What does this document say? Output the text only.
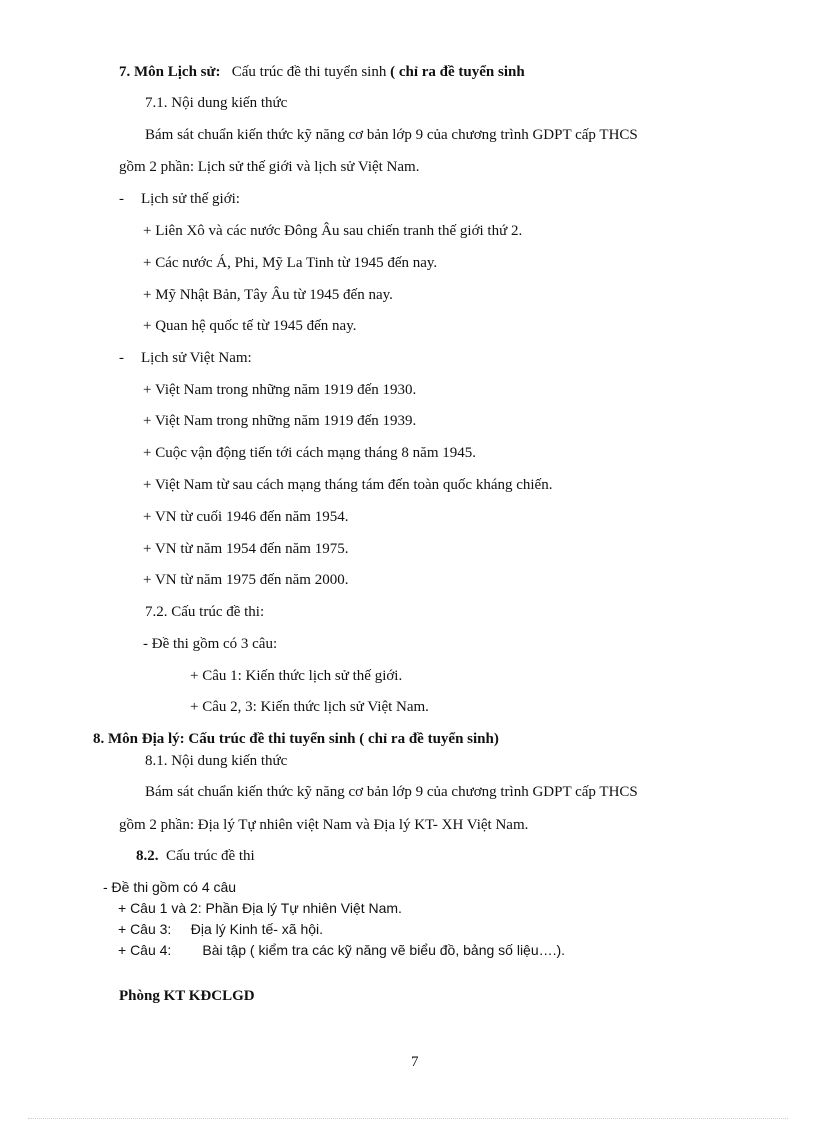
7. Môn Lịch sử: Cấu trúc đề thi tuyển sinh ( chỉ ra đề tuyển sinh
7.1. Nội dung kiến thức
Bám sát chuẩn kiến thức kỹ năng cơ bản lớp 9 của chương trình GDPT cấp THCS
gồm 2 phần: Lịch sử thế giới và lịch sử Việt Nam.
- Lịch sử thế giới:
+ Liên Xô và các nước Đông Âu sau chiến tranh thế giới thứ 2.
+ Các nước Á, Phi, Mỹ La Tinh từ 1945 đến nay.
+ Mỹ Nhật Bản, Tây Âu từ 1945 đến nay.
+ Quan hệ quốc tế từ 1945 đến nay.
- Lịch sử Việt Nam:
+ Việt Nam trong những năm 1919 đến 1930.
+ Việt Nam trong những năm 1919 đến 1939.
+ Cuộc vận động tiến tới cách mạng tháng 8 năm 1945.
+ Việt Nam từ sau cách mạng tháng tám đến toàn quốc kháng chiến.
+ VN từ cuối 1946 đến năm 1954.
+ VN từ năm 1954 đến năm 1975.
+ VN từ năm 1975 đến năm 2000.
7.2. Cấu trúc đề thi:
- Đề thi gồm có 3 câu:
+ Câu 1: Kiến thức lịch sử thế giới.
+ Câu 2, 3: Kiến thức lịch sử Việt Nam.
8. Môn Địa lý: Cấu trúc đề thi tuyển sinh ( chỉ ra đề tuyển sinh)
8.1. Nội dung kiến thức
Bám sát chuẩn kiến thức kỹ năng cơ bản lớp 9 của chương trình GDPT cấp THCS
gồm 2 phần: Địa lý Tự nhiên việt Nam và Địa lý KT- XH Việt Nam.
8.2. Cấu trúc đề thi
- Đề thi gồm có 4 câu
+ Câu 1 và 2: Phần Địa lý Tự nhiên Việt Nam.
+ Câu 3:     Địa lý Kinh tế- xã hội.
+ Câu 4:        Bài tập ( kiểm tra các kỹ năng vẽ biểu đồ, bảng số liệu….).
Phòng KT KĐCLGD
7
